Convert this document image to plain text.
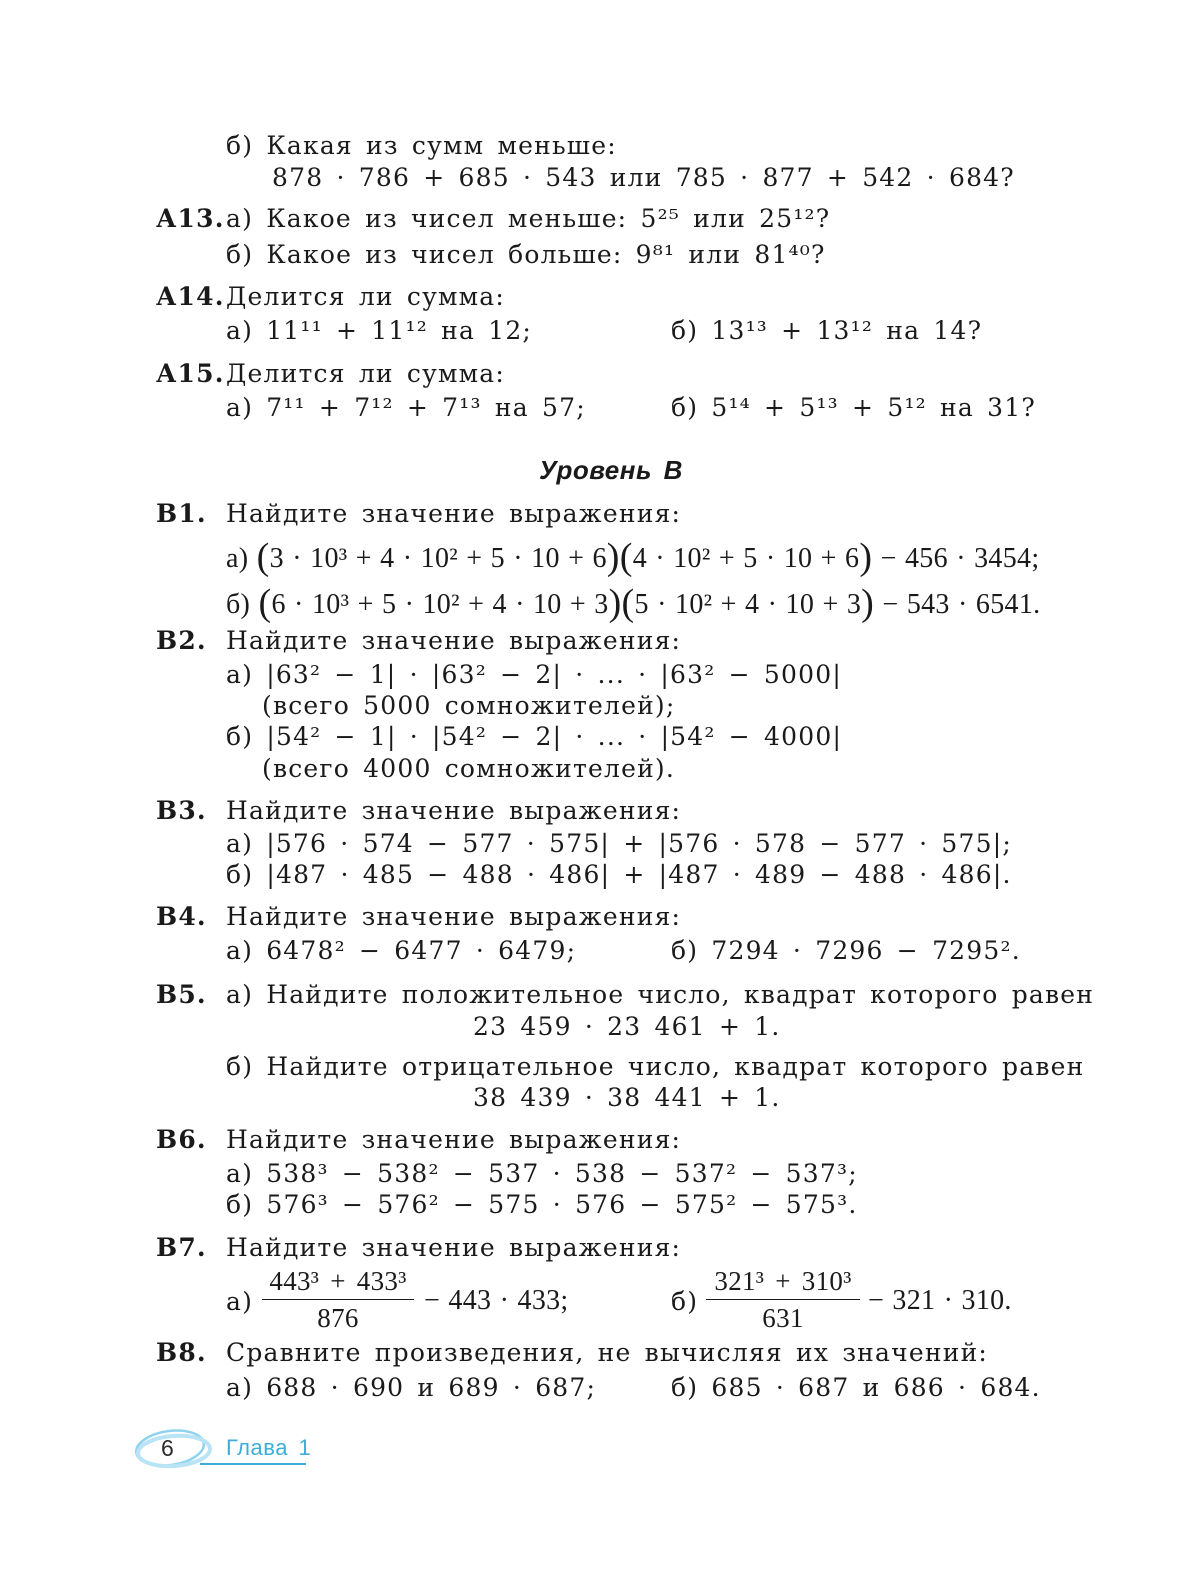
б) Какая из сумм меньше:
878 · 786 + 685 · 543 или 785 · 877 + 542 · 684?
А13. а) Какое из чисел меньше: 5²⁵ или 25¹²?
б) Какое из чисел больше: 9⁸¹ или 81⁴⁰?
А14. Делится ли сумма:
а) 11¹¹ + 11¹² на 12;	б) 13¹³ + 13¹² на 14?
А15. Делится ли сумма:
а) 7¹¹ + 7¹² + 7¹³ на 57;	б) 5¹⁴ + 5¹³ + 5¹² на 31?
Уровень В
В1. Найдите значение выражения:
а) (3 · 10³ + 4 · 10² + 5 · 10 + 6)(4 · 10² + 5 · 10 + 6) − 456 · 3454;
б) (6 · 10³ + 5 · 10² + 4 · 10 + 3)(5 · 10² + 4 · 10 + 3) − 543 · 6541.
В2. Найдите значение выражения:
а) |63² − 1| · |63² − 2| · ... · |63² − 5000|
(всего 5000 сомножителей);
б) |54² − 1| · |54² − 2| · ... · |54² − 4000|
(всего 4000 сомножителей).
В3. Найдите значение выражения:
а) |576 · 574 − 577 · 575| + |576 · 578 − 577 · 575|;
б) |487 · 485 − 488 · 486| + |487 · 489 − 488 · 486|.
В4. Найдите значение выражения:
а) 6478² − 6477 · 6479;	б) 7294 · 7296 − 7295².
В5. а) Найдите положительное число, квадрат которого равен
23 459 · 23 461 + 1.
б) Найдите отрицательное число, квадрат которого равен
38 439 · 38 441 + 1.
В6. Найдите значение выражения:
а) 538³ − 538² − 537 · 538 − 537² − 537³;
б) 576³ − 576² − 575 · 576 − 575² − 575³.
В7. Найдите значение выражения:
$а) \frac{\text{443³ + 433³}}{876} - 443 \cdot 433$;	$б) \frac{\text{321³ + 310³}}{631} - 321 \cdot 310$.
В8. Сравните произведения, не вычисляя их значений:
а) 688 · 690 и 689 · 687;	б) 685 · 687 и 686 · 684.
6 Глава 1
